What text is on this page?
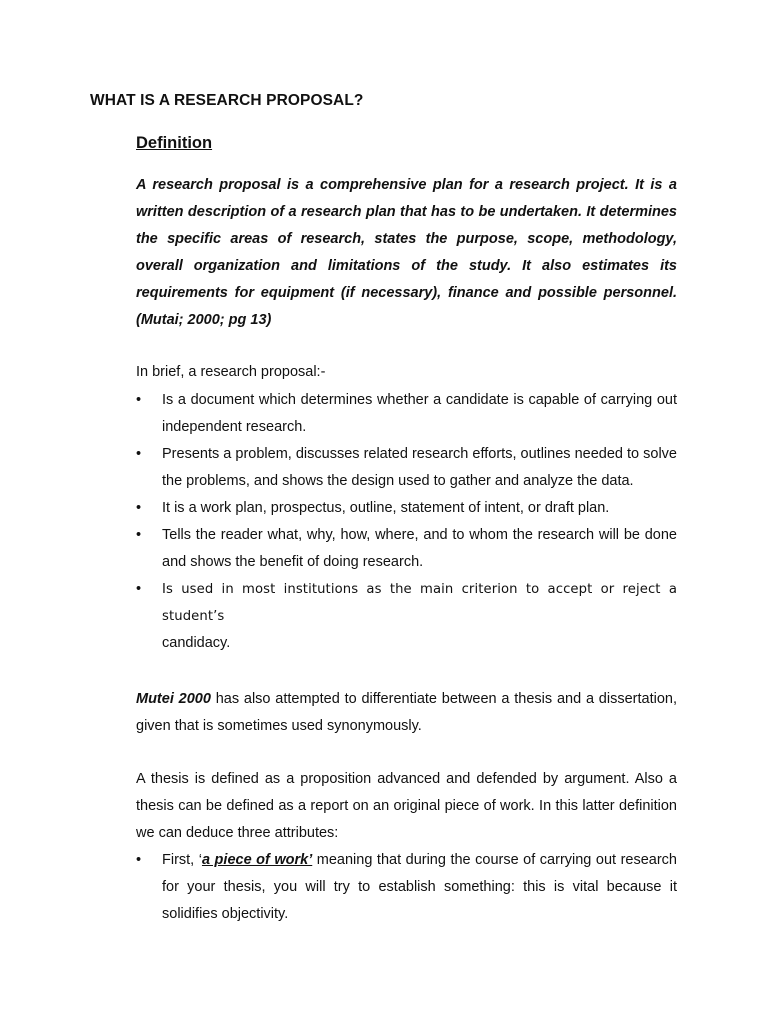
WHAT IS A RESEARCH PROPOSAL?
Definition

A research proposal is a comprehensive plan for a research project. It is a written description of a research plan that has to be undertaken. It determines the specific areas of research, states the purpose, scope, methodology, overall organization and limitations of the study. It also estimates its requirements for equipment (if necessary), finance and possible personnel. (Mutai; 2000; pg 13)

In brief, a research proposal:-

•	Is a document which determines whether a candidate is capable of carrying out independent research.
•	Presents a problem, discusses related research efforts, outlines needed to solve the problems, and shows the design used to gather and analyze the data.
•	It is a work plan, prospectus, outline, statement of intent, or draft plan.
•	Tells the reader what, why, how, where, and to whom the research will be done and shows the benefit of doing research.
•	Is used in most institutions as the main criterion to accept or reject a student’s
candidacy.

Mutei 2000 has also attempted to differentiate between a thesis and a dissertation, given that is sometimes used synonymously.

A thesis is defined as a proposition advanced and defended by argument. Also a thesis can be defined as a report on an original piece of work. In this latter definition we can deduce three attributes:

•	First, ‘a piece of work’ meaning that during the course of carrying out research for your thesis, you will try to establish something: this is vital because it solidifies objectivity.
